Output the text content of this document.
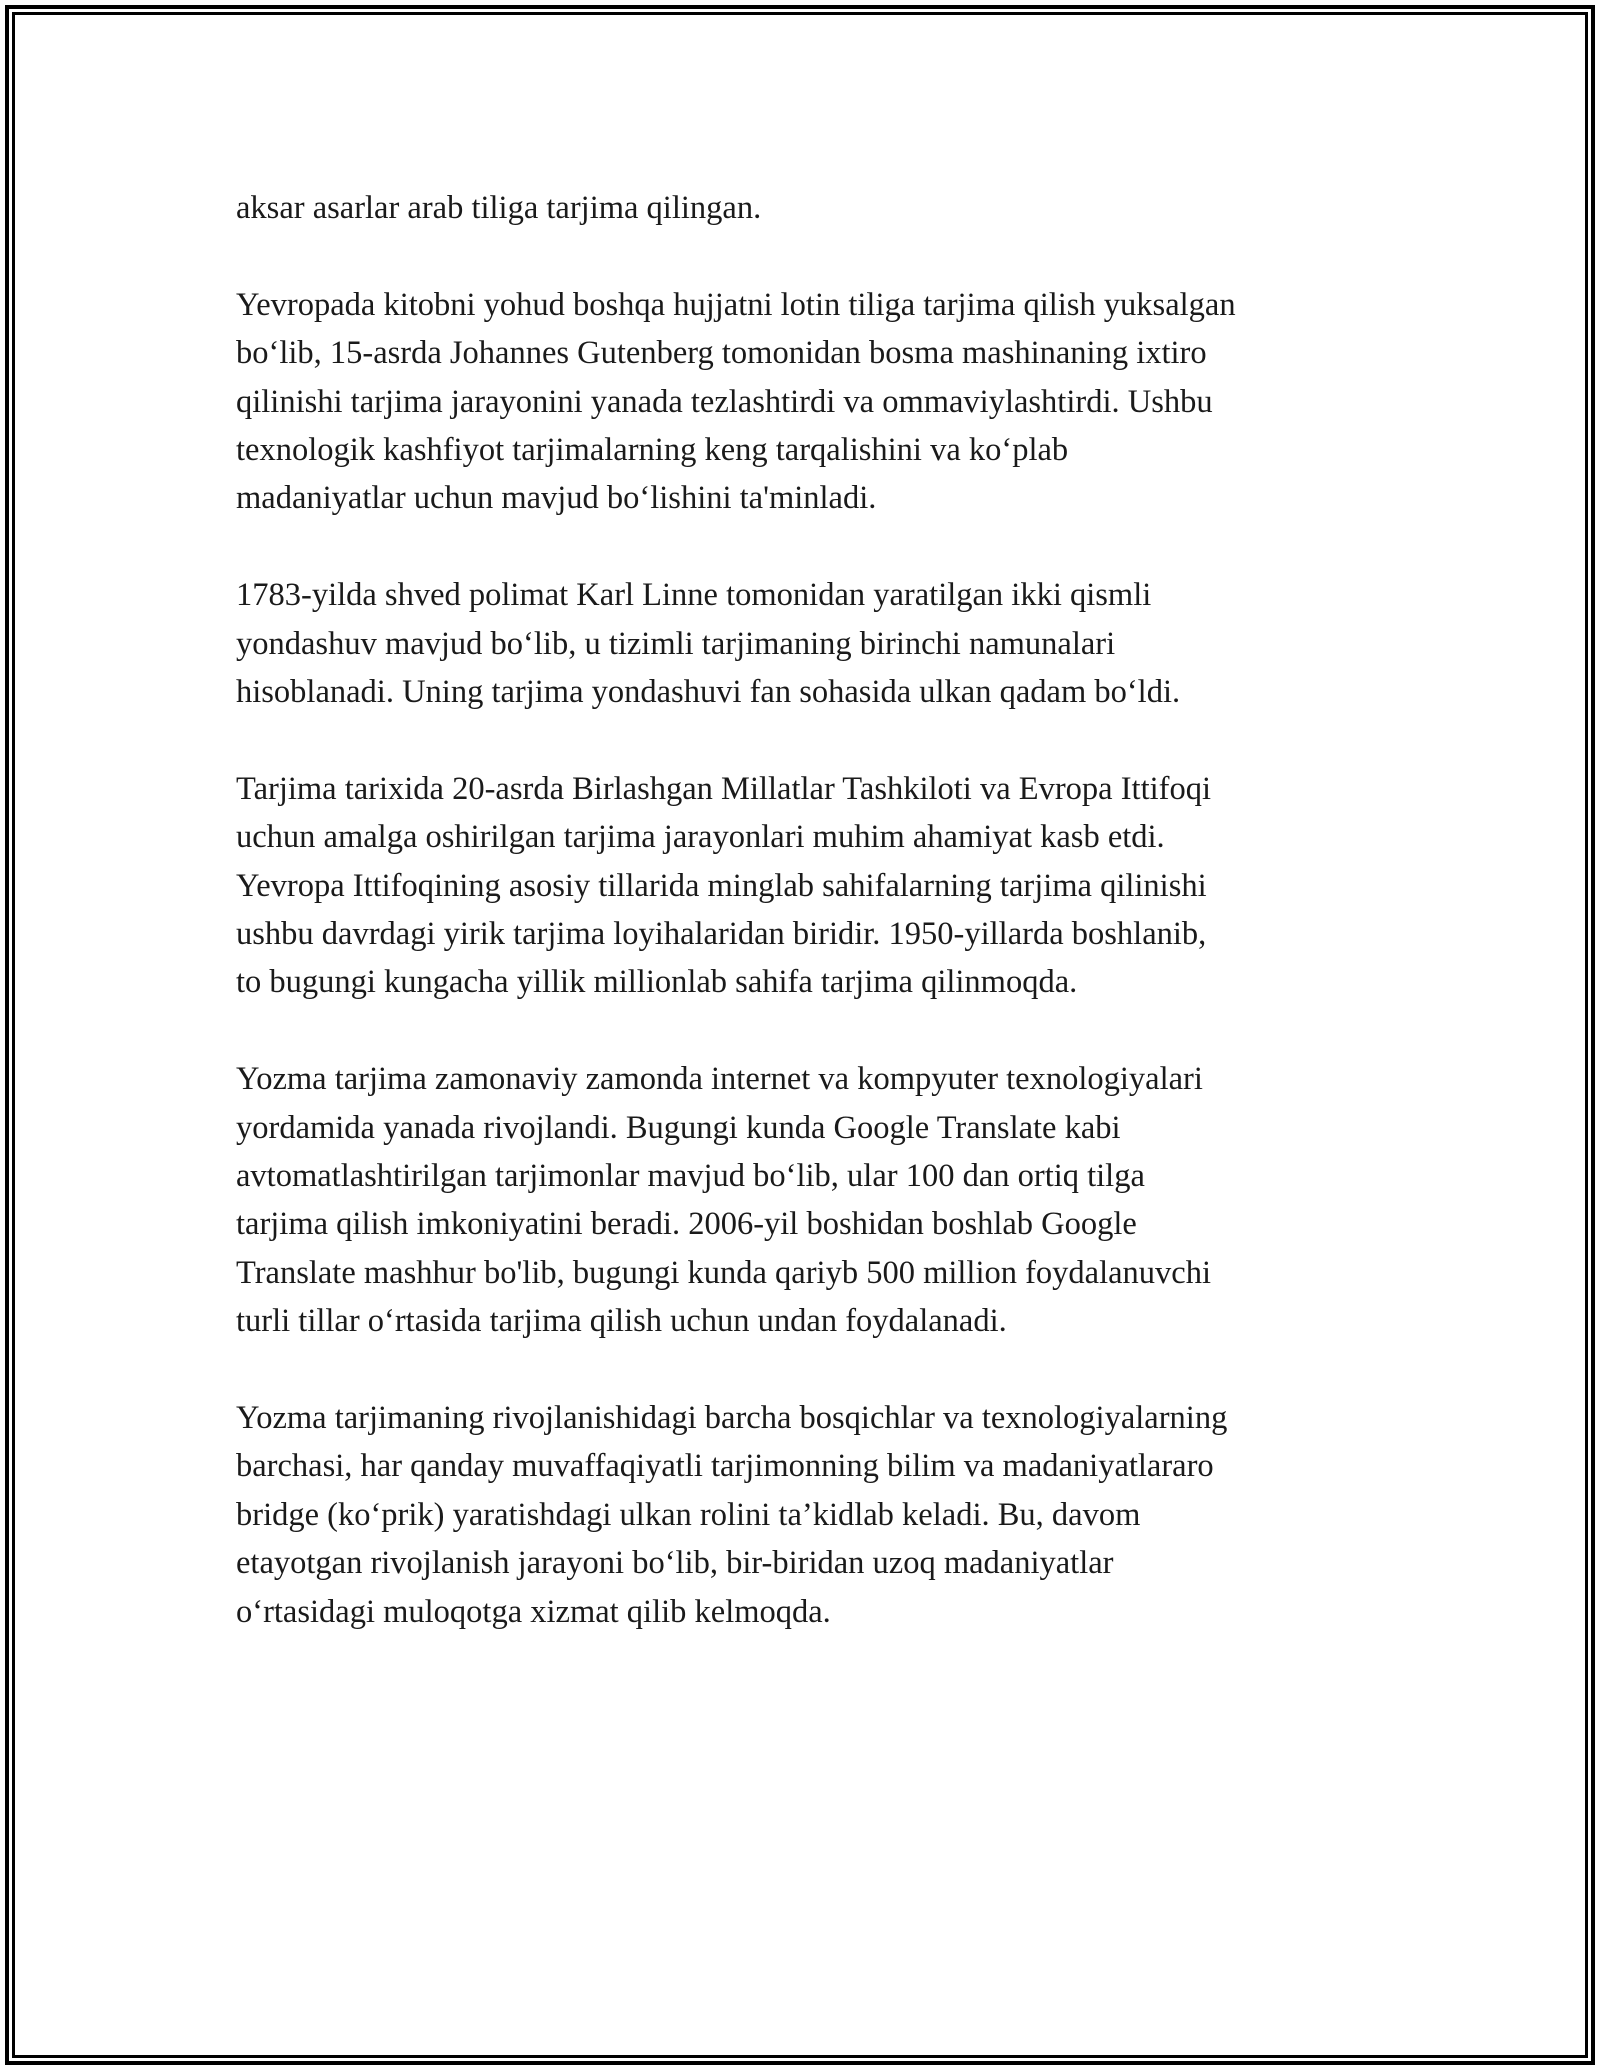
aksar asarlar arab tiliga tarjima qilingan.

Yevropada kitobni yohud boshqa hujjatni lotin tiliga tarjima qilish yuksalgan
bo‘lib, 15-asrda Johannes Gutenberg tomonidan bosma mashinaning ixtiro
qilinishi tarjima jarayonini yanada tezlashtirdi va ommaviylashtirdi. Ushbu
texnologik kashfiyot tarjimalarning keng tarqalishini va ko‘plab
madaniyatlar uchun mavjud bo‘lishini ta'minladi.

1783-yilda shved polimat Karl Linne tomonidan yaratilgan ikki qismli
yondashuv mavjud bo‘lib, u tizimli tarjimaning birinchi namunalari
hisoblanadi. Uning tarjima yondashuvi fan sohasida ulkan qadam bo‘ldi.

Tarjima tarixida 20-asrda Birlashgan Millatlar Tashkiloti va Evropa Ittifoqi
uchun amalga oshirilgan tarjima jarayonlari muhim ahamiyat kasb etdi.
Yevropa Ittifoqining asosiy tillarida minglab sahifalarning tarjima qilinishi
ushbu davrdagi yirik tarjima loyihalaridan biridir. 1950-yillarda boshlanib,
to bugungi kungacha yillik millionlab sahifa tarjima qilinmoqda.

Yozma tarjima zamonaviy zamonda internet va kompyuter texnologiyalari
yordamida yanada rivojlandi. Bugungi kunda Google Translate kabi
avtomatlashtirilgan tarjimonlar mavjud bo‘lib, ular 100 dan ortiq tilga
tarjima qilish imkoniyatini beradi. 2006-yil boshidan boshlab Google
Translate mashhur bo'lib, bugungi kunda qariyb 500 million foydalanuvchi
turli tillar o‘rtasida tarjima qilish uchun undan foydalanadi.

Yozma tarjimaning rivojlanishidagi barcha bosqichlar va texnologiyalarning
barchasi, har qanday muvaffaqiyatli tarjimonning bilim va madaniyatlararo
bridge (ko‘prik) yaratishdagi ulkan rolini ta’kidlab keladi. Bu, davom
etayotgan rivojlanish jarayoni bo‘lib, bir-biridan uzoq madaniyatlar
o‘rtasidagi muloqotga xizmat qilib kelmoqda.
